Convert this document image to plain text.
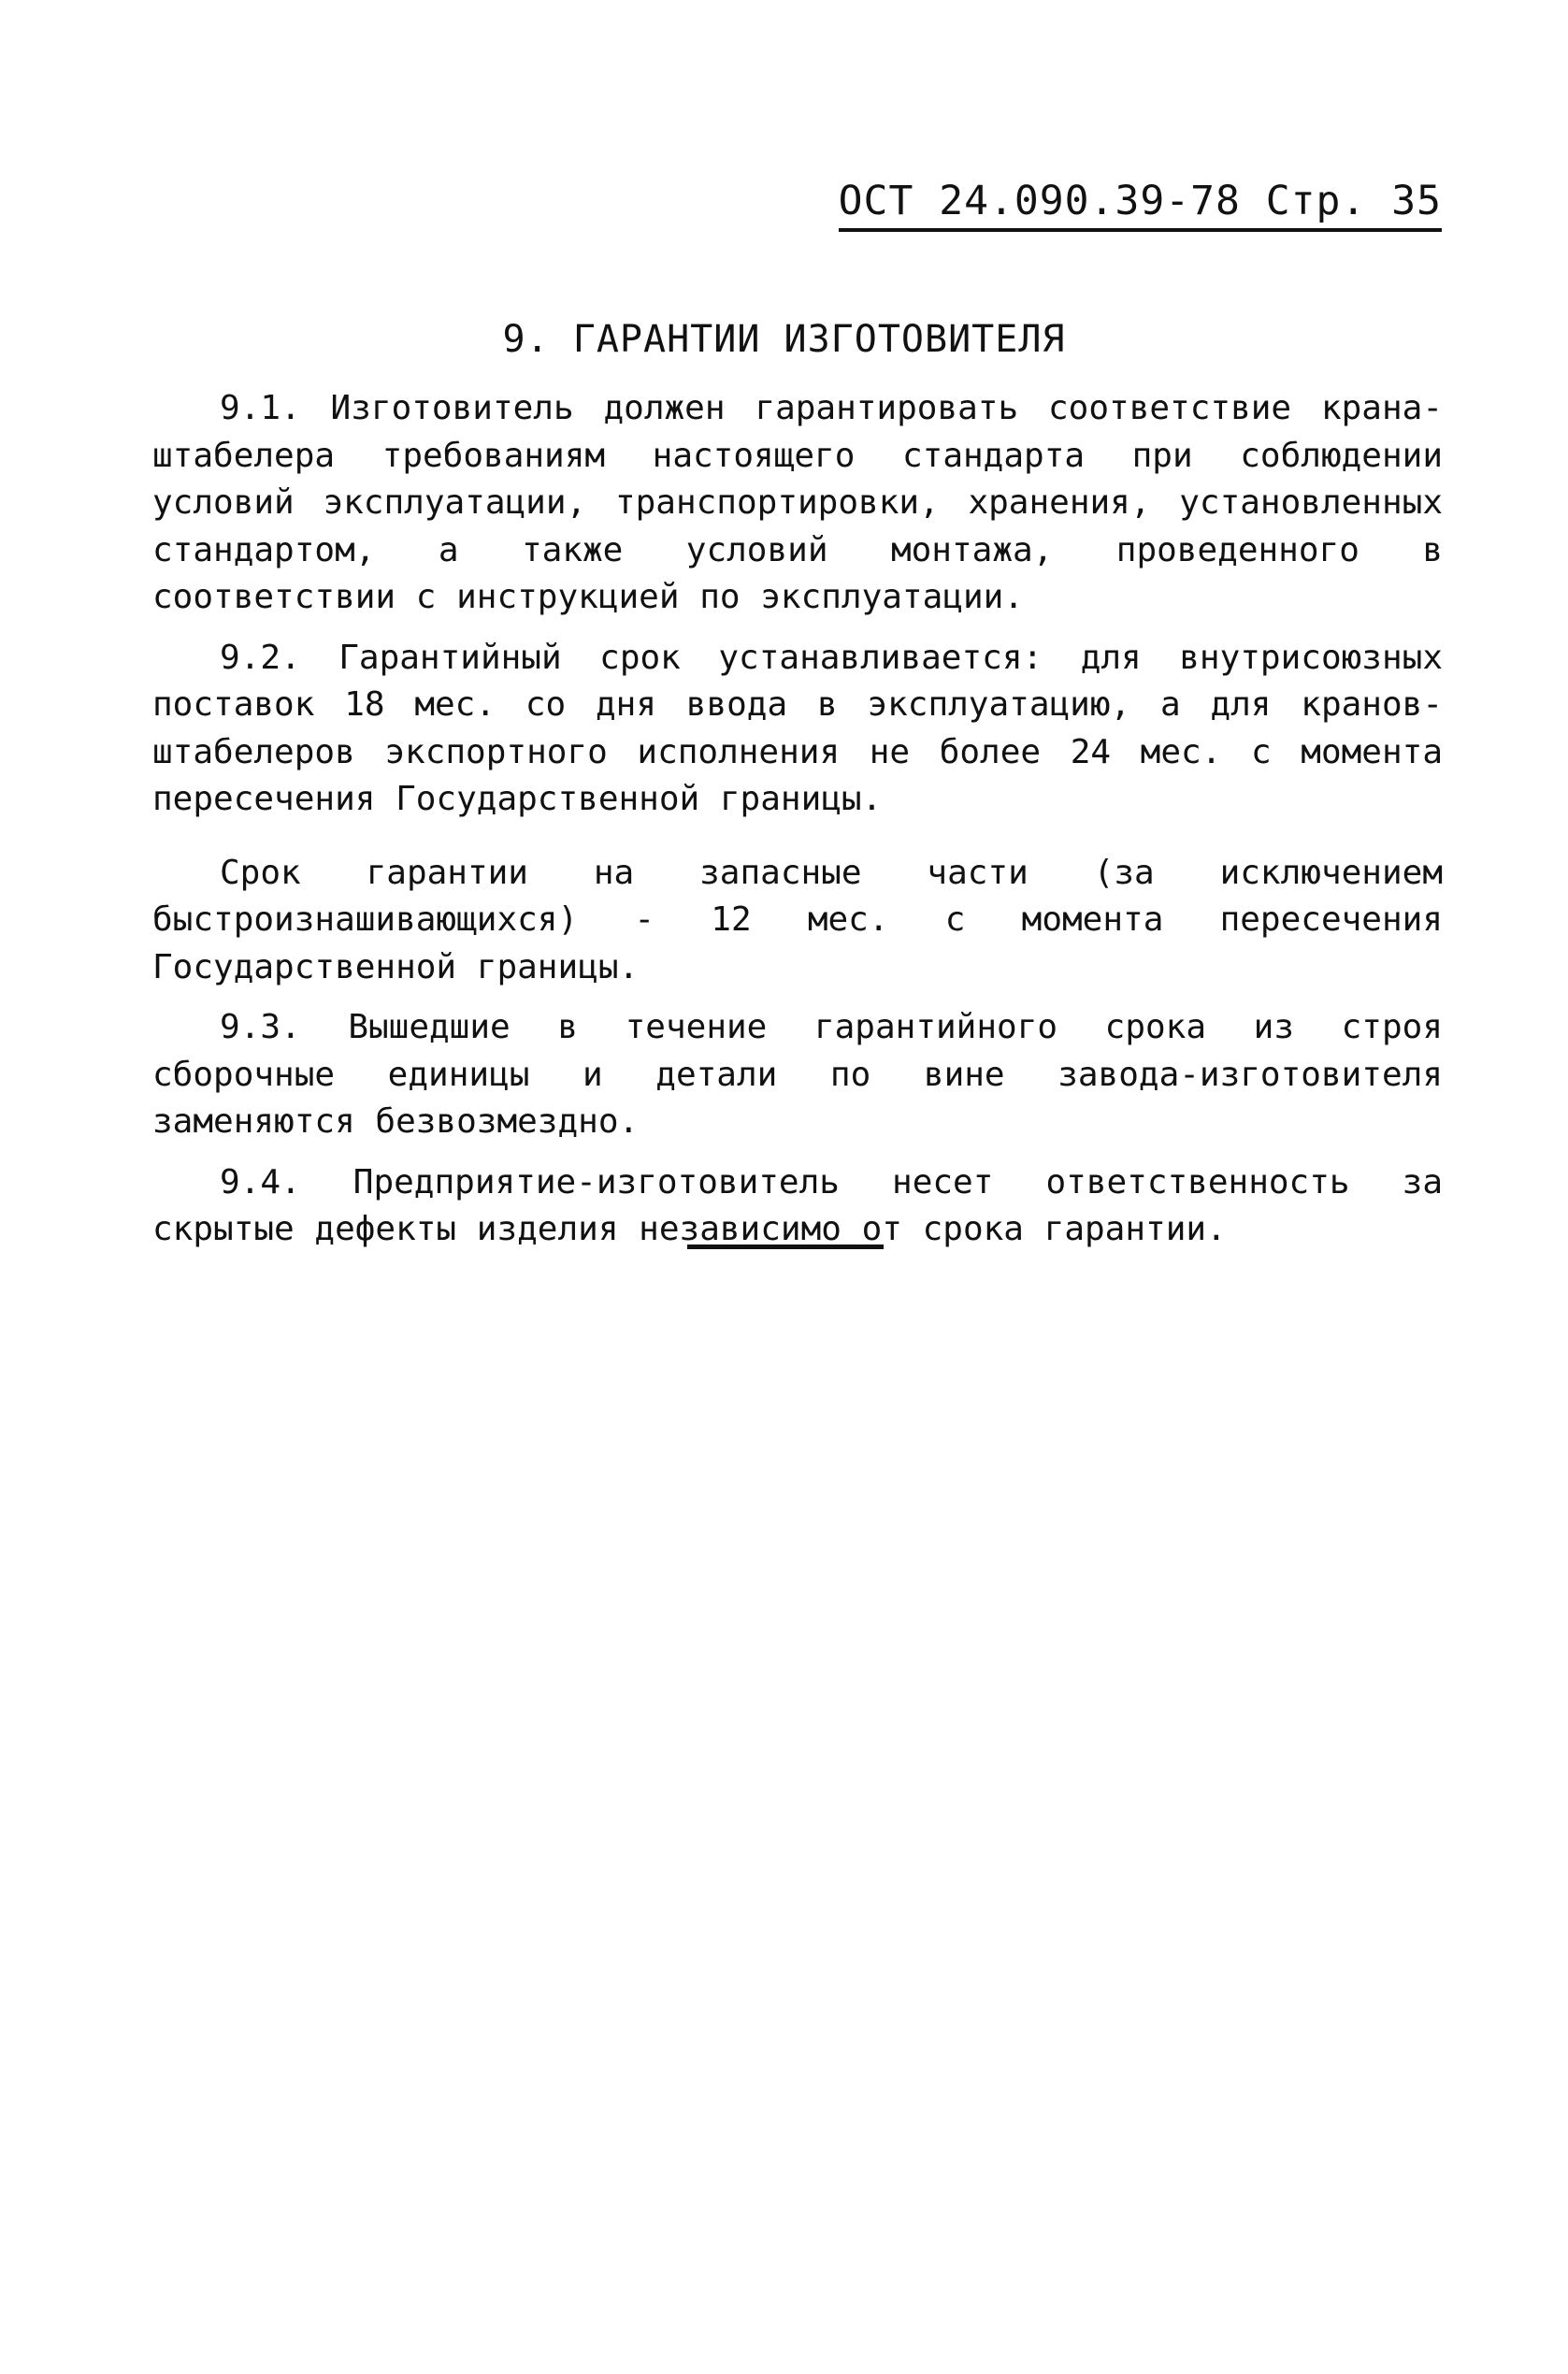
ОСТ 24.090.39-78 Стр. 35
9. ГАРАНТИИ ИЗГОТОВИТЕЛЯ

9.1. Изготовитель должен гарантировать соответствие крана-штабелера требованиям настоящего стандарта при соблюдении условий эксплуатации, транспортировки, хранения, установленных стандартом, а также условий монтажа, проведенного в соответствии с инструкцией по эксплуатации.

9.2. Гарантийный срок устанавливается: для внутрисоюзных поставок 18 мес. со дня ввода в эксплуатацию, а для кранов-штабелеров экспортного исполнения не более 24 мес. с момента пересечения Государственной границы.

Срок гарантии на запасные части (за исключением быстроизнашивающихся) - 12 мес. с момента пересечения Государственной границы.

9.3. Вышедшие в течение гарантийного срока из строя сборочные единицы и детали по вине завода-изготовителя заменяются безвозмездно.

9.4. Предприятие-изготовитель несет ответственность за скрытые дефекты изделия независимо от срока гарантии.
